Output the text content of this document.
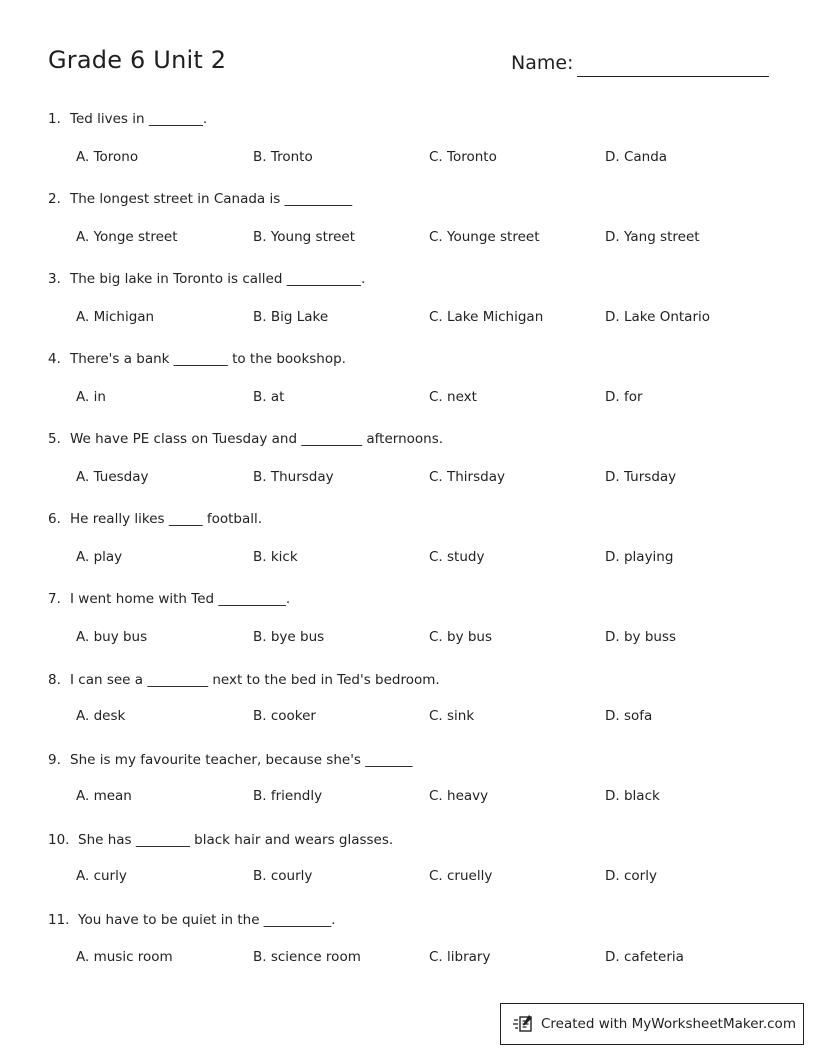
Grade 6 Unit 2	Name:
1. Ted lives in ________.
A. Torono	B. Tronto	C. Toronto	D. Canda
2. The longest street in Canada is __________
A. Yonge street	B. Young street	C. Younge street	D. Yang street
3. The big lake in Toronto is called ___________.
A. Michigan	B. Big Lake	C. Lake Michigan	D. Lake Ontario
4. There's a bank ________ to the bookshop.
A. in	B. at	C. next	D. for
5. We have PE class on Tuesday and _________ afternoons.
A. Tuesday	B. Thursday	C. Thirsday	D. Tursday
6. He really likes _____ football.
A. play	B. kick	C. study	D. playing
7. I went home with Ted __________.
A. buy bus	B. bye bus	C. by bus	D. by buss
8. I can see a _________ next to the bed in Ted's bedroom.
A. desk	B. cooker	C. sink	D. sofa
9. She is my favourite teacher, because she's _______
A. mean	B. friendly	C. heavy	D. black
10. She has ________ black hair and wears glasses.
A. curly	B. courly	C. cruelly	D. corly
11. You have to be quiet in the __________.
A. music room	B. science room	C. library	D. cafeteria
Created with MyWorksheetMaker.com
